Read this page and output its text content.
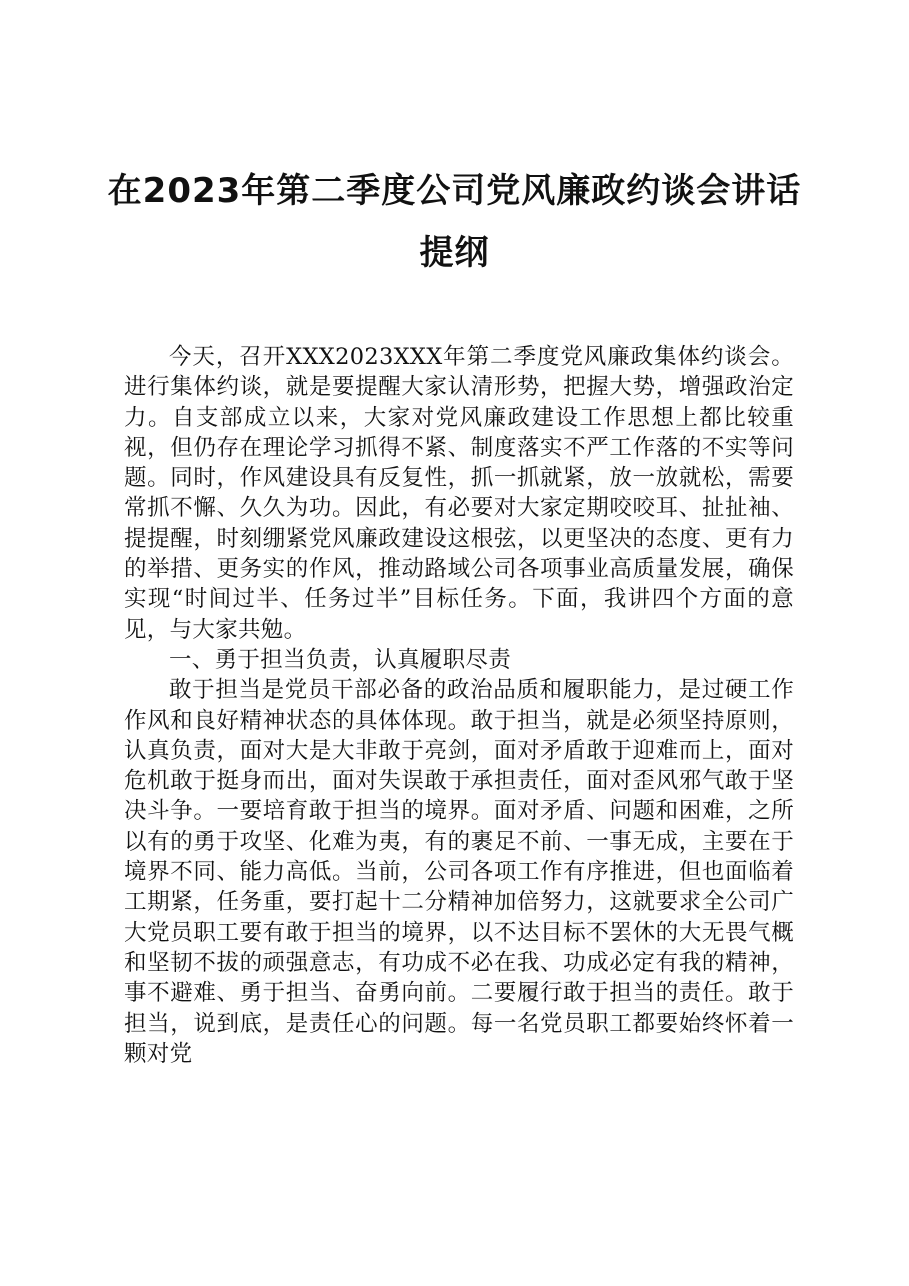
在2023年第二季度公司党风廉政约谈会讲话
提纲

今天，召开XXX2023XXX年第二季度党风廉政集体约谈会。进行集体约谈，就是要提醒大家认清形势，把握大势，增强政治定力。自支部成立以来，大家对党风廉政建设工作思想上都比较重视，但仍存在理论学习抓得不紧、制度落实不严工作落的不实等问题。同时，作风建设具有反复性，抓一抓就紧，放一放就松，需要常抓不懈、久久为功。因此，有必要对大家定期咬咬耳、扯扯袖、提提醒，时刻绷紧党风廉政建设这根弦，以更坚决的态度、更有力的举措、更务实的作风，推动路域公司各项事业高质量发展，确保实现“时间过半、任务过半”目标任务。下面，我讲四个方面的意见，与大家共勉。

一、勇于担当负责，认真履职尽责

敢于担当是党员干部必备的政治品质和履职能力，是过硬工作作风和良好精神状态的具体体现。敢于担当，就是必须坚持原则，认真负责，面对大是大非敢于亮剑，面对矛盾敢于迎难而上，面对危机敢于挺身而出，面对失误敢于承担责任，面对歪风邪气敢于坚决斗争。一要培育敢于担当的境界。面对矛盾、问题和困难，之所以有的勇于攻坚、化难为夷，有的裹足不前、一事无成，主要在于境界不同、能力高低。当前，公司各项工作有序推进，但也面临着工期紧，任务重，要打起十二分精神加倍努力，这就要求全公司广大党员职工要有敢于担当的境界，以不达目标不罢休的大无畏气概和坚韧不拔的顽强意志，有功成不必在我、功成必定有我的精神，事不避难、勇于担当、奋勇向前。二要履行敢于担当的责任。敢于担当，说到底，是责任心的问题。每一名党员职工都要始终怀着一颗对党
